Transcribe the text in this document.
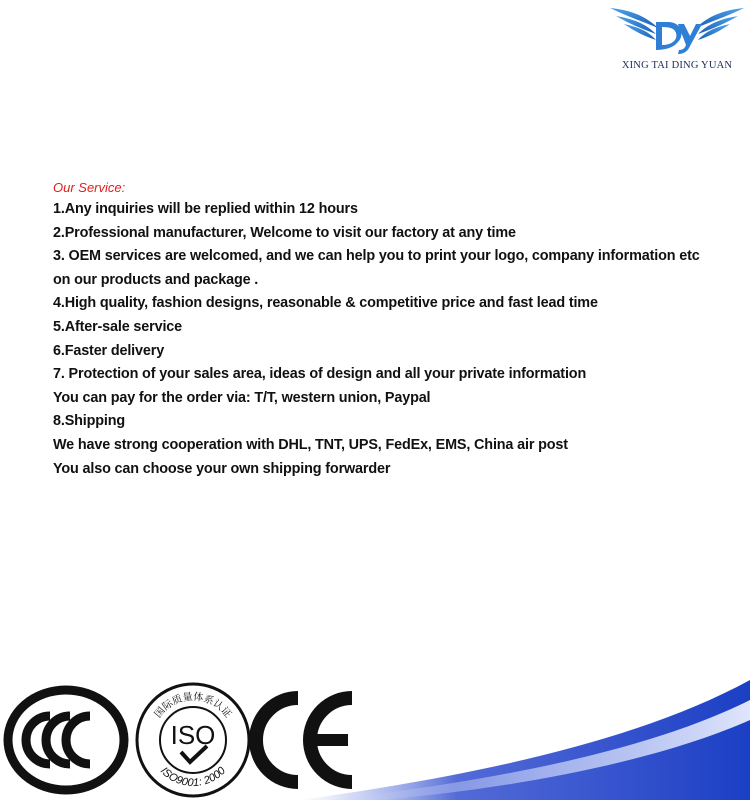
XING TAI DING YUAN

Our Service:

1.Any inquiries will be replied within 12 hours
2.Professional manufacturer, Welcome to visit our factory at any time
3. OEM services are welcomed, and we can help you to print your logo, company information etc
on our products and package .
4.High quality, fashion designs, reasonable & competitive price and fast lead time
5.After-sale service
6.Faster delivery
7. Protection of your sales area, ideas of design and all your private information
You can pay for the order via: T/T, western union, Paypal
8.Shipping
We have strong cooperation with DHL, TNT, UPS, FedEx, EMS, China air post
You also can choose your own shipping forwarder
国际质量体系认证
ISO9001: 2000
ISO
